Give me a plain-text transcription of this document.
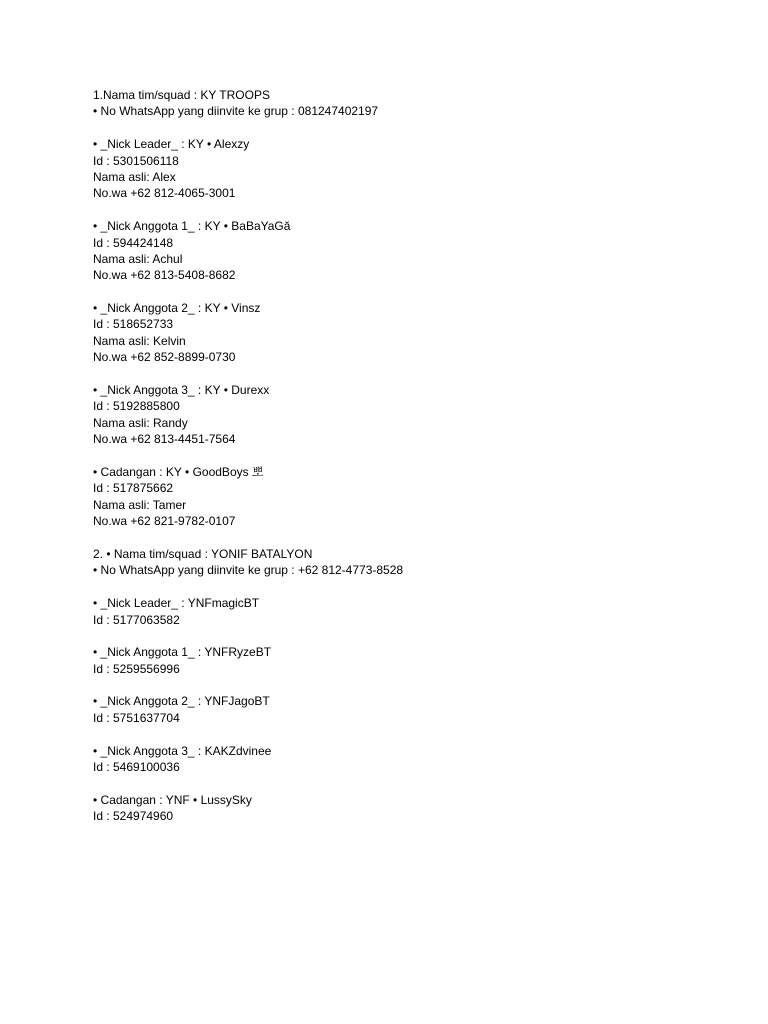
1.Nama tim/squad : KY TROOPS
• No WhatsApp yang diinvite ke grup : 081247402197
• _Nick Leader_ : KY • Alexzy
Id : 5301506118
Nama asli: Alex
No.wa +62 812-4065-3001
• _Nick Anggota 1_ : KY • BaBaYaGă
Id : 594424148
Nama asli: Achul
No.wa +62 813-5408-8682
• _Nick Anggota 2_ : KY • Vinsz
Id : 518652733
Nama asli: Kelvin
No.wa +62 852-8899-0730
• _Nick Anggota 3_ : KY • Durexx
Id : 5192885800
Nama asli: Randy
No.wa +62 813-4451-7564
• Cadangan : KY • GoodBoys 뽀
Id : 517875662
Nama asli: Tamer
No.wa +62 821-9782-0107
2. • Nama tim/squad : YONIF BATALYON
• No WhatsApp yang diinvite ke grup : +62 812-4773-8528
• _Nick Leader_ : YNFmagicBT
Id : 5177063582
• _Nick Anggota 1_ : YNFRyzeBT
Id : 5259556996
• _Nick Anggota 2_ : YNFJagoBT
Id : 5751637704
• _Nick Anggota 3_ : KAKZdvinee
Id : 5469100036
• Cadangan : YNF • LussySky
Id : 524974960
